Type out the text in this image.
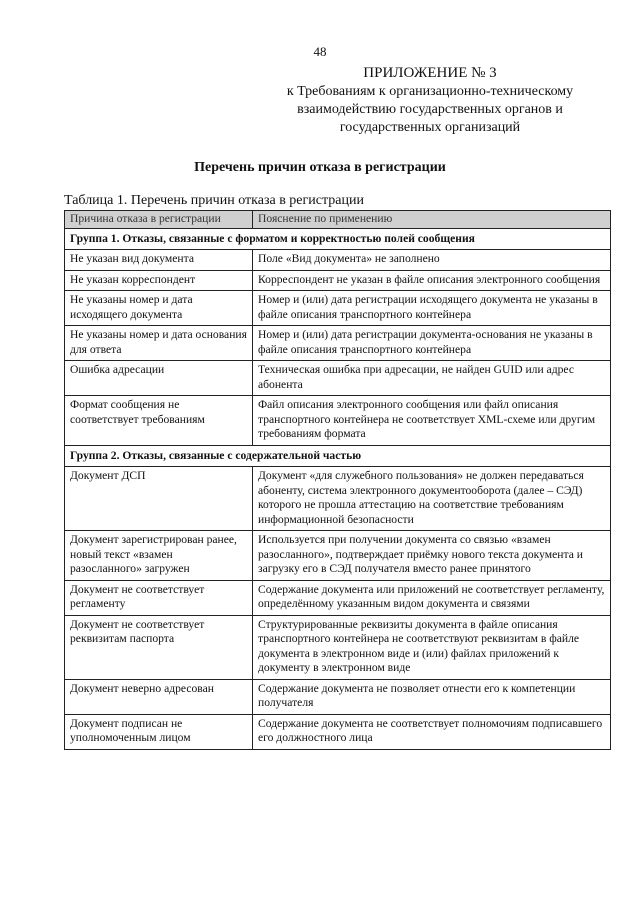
48
ПРИЛОЖЕНИЕ № 3
к Требованиям к организационно-техническому
взаимодействию государственных органов и
государственных организаций
Перечень причин отказа в регистрации
Таблица 1. Перечень причин отказа в регистрации
Причина отказа в регистрации	Пояснение по применению
Группа 1. Отказы, связанные с форматом и корректностью полей сообщения	
Не указан вид документа	Поле «Вид документа» не заполнено
Не указан корреспондент	Корреспондент не указан в файле описания электронного сообщения
Не указаны номер и дата исходящего документа	Номер и (или) дата регистрации исходящего документа не указаны в файле описания транспортного контейнера
Не указаны номер и дата основания для ответа	Номер и (или) дата регистрации документа-основания не указаны в файле описания транспортного контейнера
Ошибка адресации	Техническая ошибка при адресации, не найден GUID или адрес абонента
Формат сообщения не соответствует требованиям	Файл описания электронного сообщения или файл описания транспортного контейнера не соответствует XML-схеме или другим требованиям формата
Группа 2. Отказы, связанные с содержательной частью	
Документ ДСП	Документ «для служебного пользования» не должен передаваться абоненту, система электронного документооборота (далее – СЭД) которого не прошла аттестацию на соответствие требованиям информационной безопасности
Документ зарегистрирован ранее, новый текст «взамен разосланного» загружен	Используется при получении документа со связью «взамен разосланного», подтверждает приёмку нового текста документа и загрузку его в СЭД получателя вместо ранее принятого
Документ не соответствует регламенту	Содержание документа или приложений не соответствует регламенту, определённому указанным видом документа и связями
Документ не соответствует реквизитам паспорта	Структурированные реквизиты документа в файле описания транспортного контейнера не соответствуют реквизитам в файле документа в электронном виде и (или) файлах приложений к документу в электронном виде
Документ неверно адресован	Содержание документа не позволяет отнести его к компетенции получателя
Документ подписан не уполномоченным лицом	Содержание документа не соответствует полномочиям подписавшего его должностного лица
